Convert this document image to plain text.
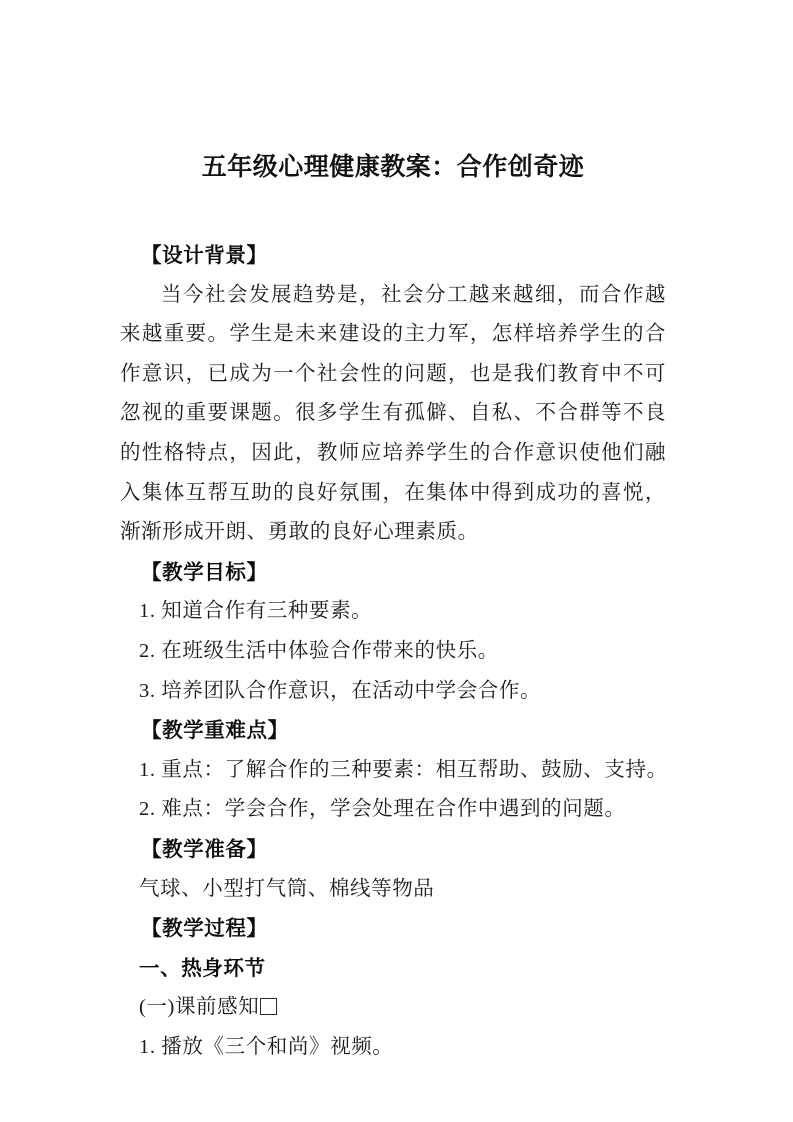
五年级心理健康教案：合作创奇迹
【设计背景】

当今社会发展趋势是，社会分工越来越细，而合作越来越重要。学生是未来建设的主力军，怎样培养学生的合作意识，已成为一个社会性的问题，也是我们教育中不可忽视的重要课题。很多学生有孤僻、自私、不合群等不良的性格特点，因此，教师应培养学生的合作意识使他们融入集体互帮互助的良好氛围，在集体中得到成功的喜悦，渐渐形成开朗、勇敢的良好心理素质。

【教学目标】
1. 知道合作有三种要素。
2. 在班级生活中体验合作带来的快乐。
3. 培养团队合作意识，在活动中学会合作。
【教学重难点】
1. 重点：了解合作的三种要素：相互帮助、鼓励、支持。
2. 难点：学会合作，学会处理在合作中遇到的问题。
【教学准备】
气球、小型打气筒、棉线等物品
【教学过程】
一、热身环节
(一)课前感知
1. 播放《三个和尚》视频。
